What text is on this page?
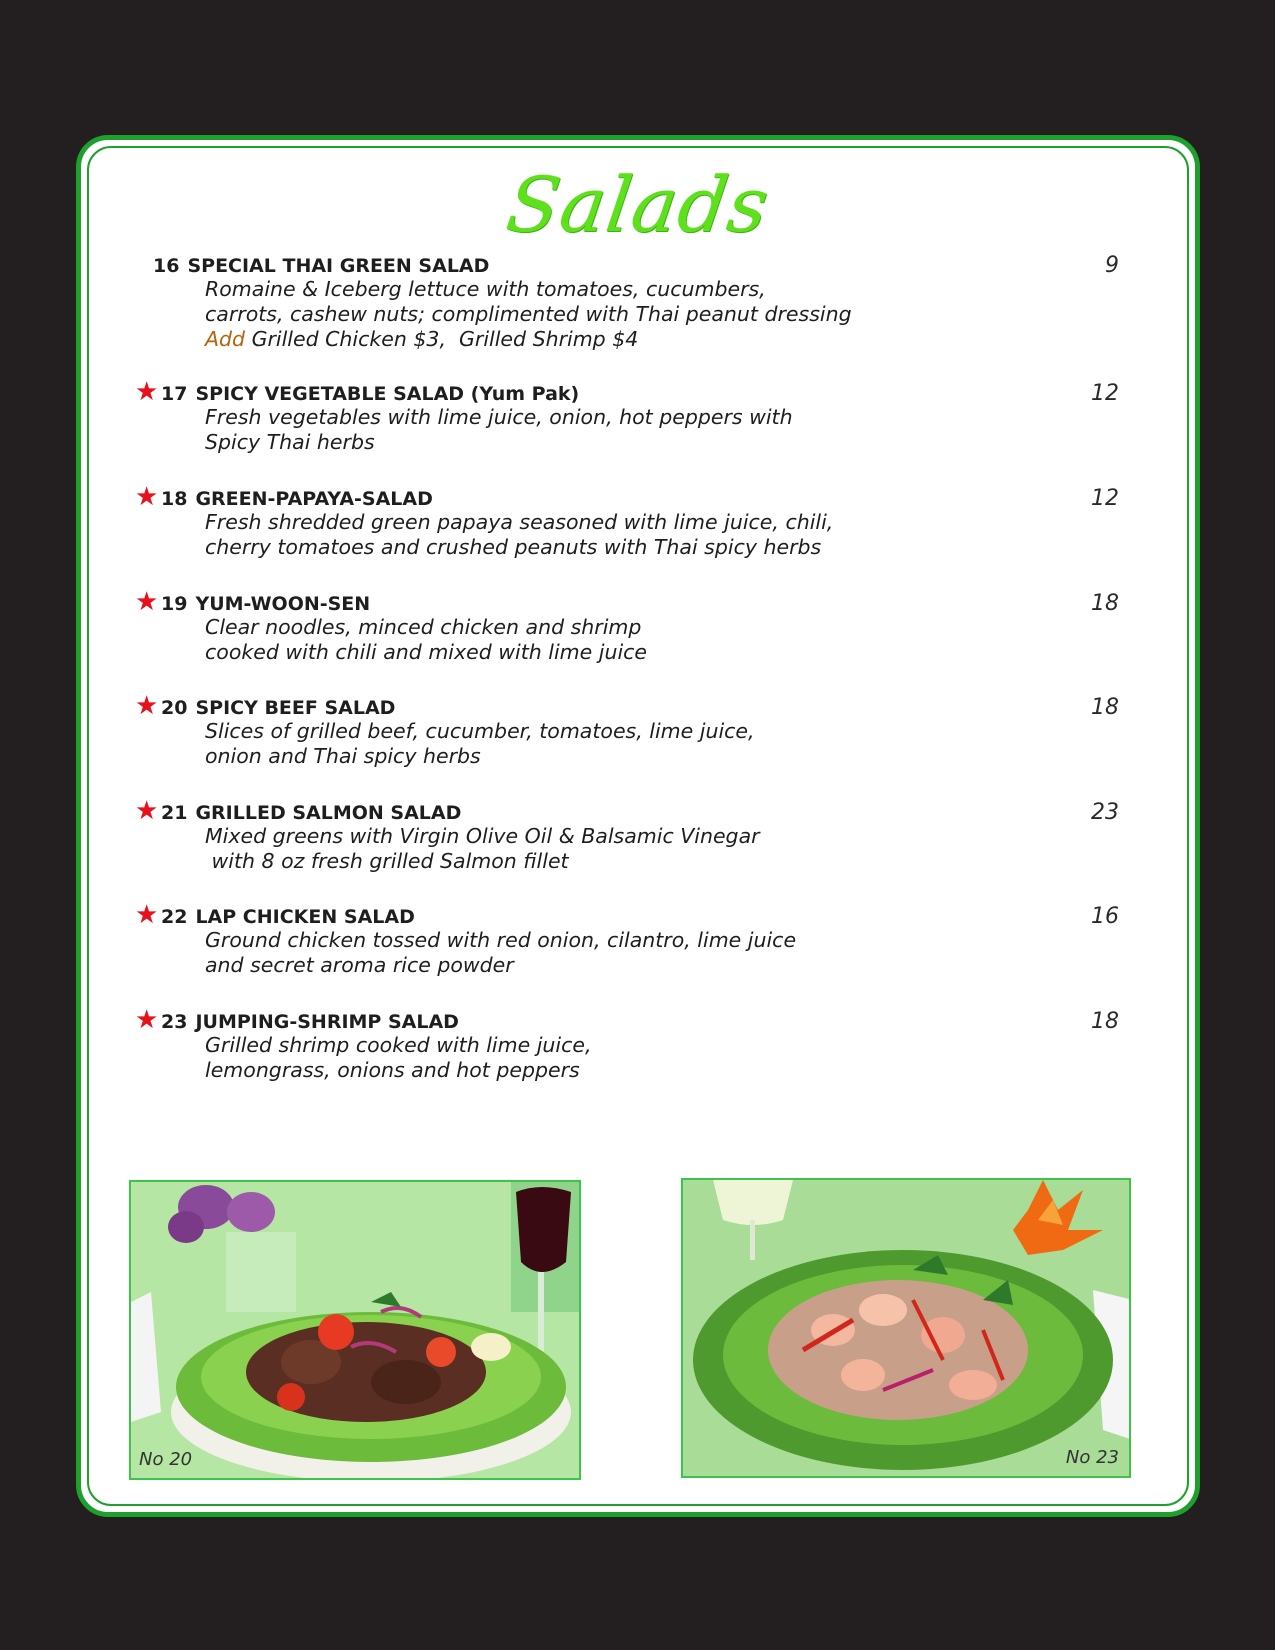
Salads
16 SPECIAL THAI GREEN SALAD	9
Romaine & Iceberg lettuce with tomatoes, cucumbers,
carrots, cashew nuts; complimented with Thai peanut dressing
Add Grilled Chicken $3,  Grilled Shrimp $4
★ 17 SPICY VEGETABLE SALAD (Yum Pak)	12
Fresh vegetables with lime juice, onion, hot peppers with
Spicy Thai herbs
★ 18 GREEN-PAPAYA-SALAD	12
Fresh shredded green papaya seasoned with lime juice, chili,
cherry tomatoes and crushed peanuts with Thai spicy herbs
★ 19 YUM-WOON-SEN	18
Clear noodles, minced chicken and shrimp
cooked with chili and mixed with lime juice
★ 20 SPICY BEEF SALAD	18
Slices of grilled beef, cucumber, tomatoes, lime juice,
onion and Thai spicy herbs
★ 21 GRILLED SALMON SALAD	23
Mixed greens with Virgin Olive Oil & Balsamic Vinegar
with 8 oz fresh grilled Salmon fillet
★ 22 LAP CHICKEN SALAD	16
Ground chicken tossed with red onion, cilantro, lime juice
and secret aroma rice powder
★ 23 JUMPING-SHRIMP SALAD	18
Grilled shrimp cooked with lime juice,
lemongrass, onions and hot peppers
No 20	No 23
